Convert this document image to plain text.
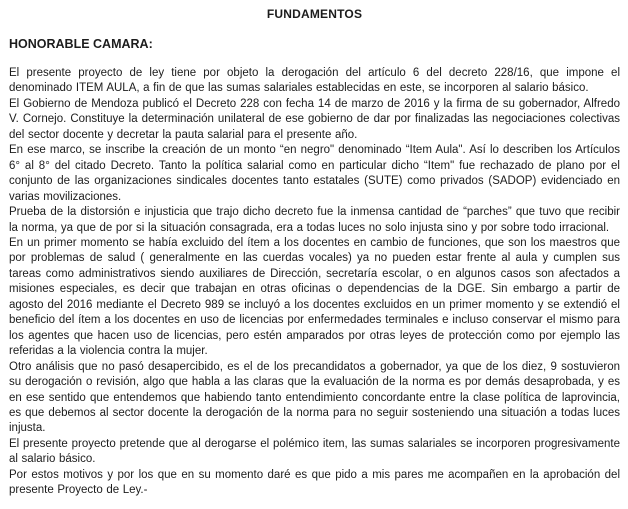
FUNDAMENTOS
HONORABLE CAMARA:

El presente proyecto de ley tiene por objeto la derogación del artículo 6 del decreto 228/16, que impone el denominado ITEM AULA, a fin de que las sumas salariales establecidas en este, se incorporen al salario básico.

El Gobierno de Mendoza publicó el Decreto 228 con fecha 14 de marzo de 2016 y la firma de su gobernador, Alfredo V. Cornejo. Constituye la determinación unilateral de ese gobierno de dar por finalizadas las negociaciones colectivas del sector docente y decretar la pauta salarial para el presente año.

En ese marco, se inscribe la creación de un monto “en negro" denominado “Item Aula". Así lo describen los Artículos 6° al 8° del citado Decreto. Tanto la política salarial como en particular dicho “Item" fue rechazado de plano por el conjunto de las organizaciones sindicales docentes tanto estatales (SUTE) como privados (SADOP) evidenciado en varias movilizaciones.

Prueba de la distorsión e injusticia que trajo dicho decreto fue la inmensa cantidad de “parches” que tuvo que recibir la norma, ya que de por si la situación consagrada, era a todas luces no solo injusta sino y por sobre todo irracional.

En un primer momento se había excluido del ítem a los docentes en cambio de funciones, que son los maestros que por problemas de salud ( generalmente en las cuerdas vocales) ya no pueden estar frente al aula y cumplen sus tareas como administrativos siendo auxiliares de Dirección, secretaría escolar, o en algunos casos son afectados a misiones especiales, es decir que trabajan en otras oficinas o dependencias de la DGE. Sin embargo a partir de agosto del 2016 mediante el Decreto 989 se incluyó a los docentes excluidos en un primer momento y se extendió el beneficio del ítem a los docentes en uso de licencias por enfermedades terminales e incluso conservar el mismo para los agentes que hacen uso de licencias, pero estén amparados por otras leyes de protección como por ejemplo las referidas a la violencia contra la mujer.

Otro análisis que no pasó desapercibido, es el de los precandidatos a gobernador, ya que de los diez, 9 sostuvieron su derogación o revisión, algo que habla a las claras que la evaluación de la norma es por demás desaprobada, y es en ese sentido que entendemos que habiendo tanto entendimiento concordante entre la clase política de laprovincia, es que debemos al sector docente la derogación de la norma para no seguir sosteniendo una situación a todas luces injusta.

El presente proyecto pretende que al derogarse el polémico item, las sumas salariales se incorporen progresivamente al salario básico.

Por estos motivos y por los que en su momento daré es que pido a mis pares me acompañen en la aprobación del presente Proyecto de Ley.-
